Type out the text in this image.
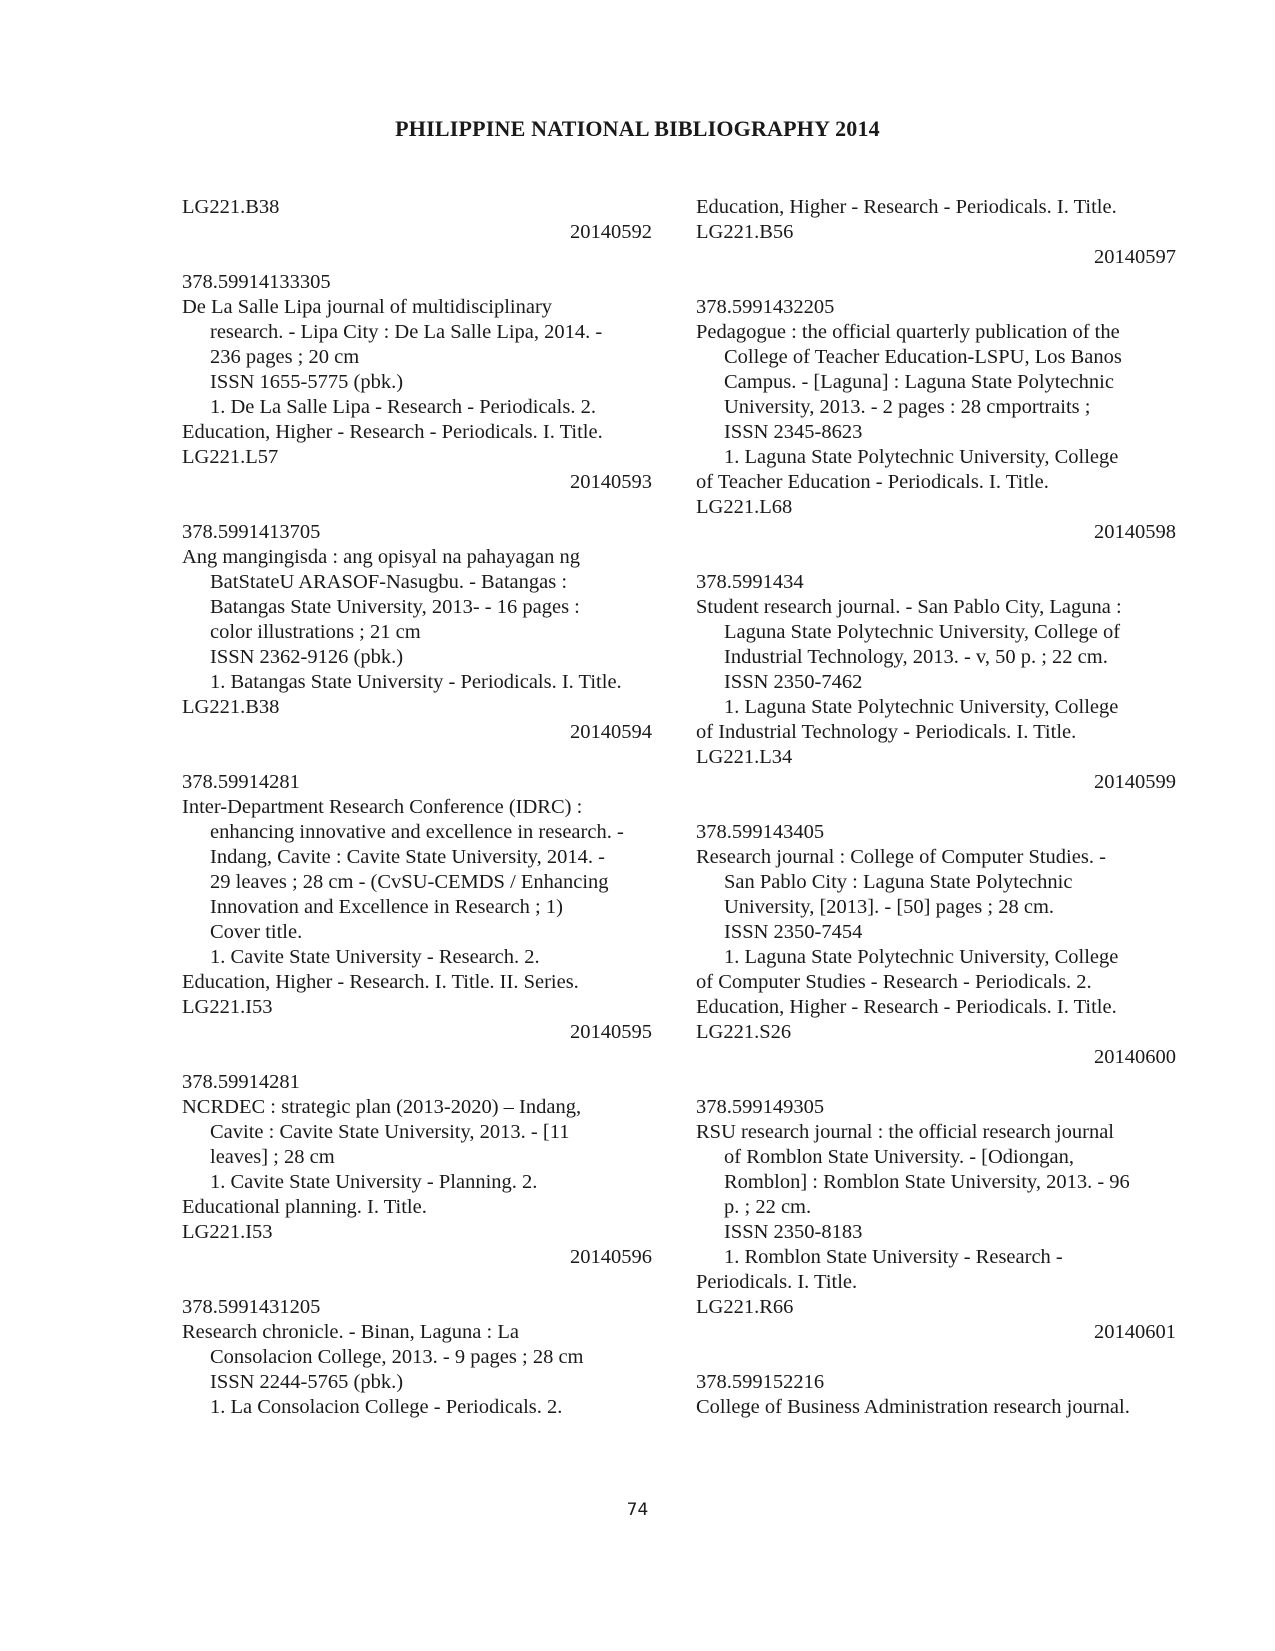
PHILIPPINE NATIONAL BIBLIOGRAPHY 2014
LG221.B38
20140592
378.59914133305
De La Salle Lipa journal of multidisciplinary
research. - Lipa City : De La Salle Lipa, 2014. -
236 pages ; 20 cm
ISSN 1655-5775 (pbk.)
1. De La Salle Lipa - Research - Periodicals. 2.
Education, Higher - Research - Periodicals. I. Title.
LG221.L57
20140593
378.5991413705
Ang mangingisda : ang opisyal na pahayagan ng
BatStateU ARASOF-Nasugbu. - Batangas :
Batangas State University, 2013- - 16 pages :
color illustrations ; 21 cm
ISSN 2362-9126 (pbk.)
1. Batangas State University - Periodicals. I. Title.
LG221.B38
20140594
378.59914281
Inter-Department Research Conference (IDRC) :
enhancing innovative and excellence in research. -
Indang, Cavite : Cavite State University, 2014. -
29 leaves ; 28 cm - (CvSU-CEMDS / Enhancing
Innovation and Excellence in Research ; 1)
Cover title.
1. Cavite State University - Research. 2.
Education, Higher - Research. I. Title. II. Series.
LG221.I53
20140595
378.59914281
NCRDEC : strategic plan (2013-2020) – Indang,
Cavite : Cavite State University, 2013. - [11
leaves] ; 28 cm
1. Cavite State University - Planning. 2.
Educational planning. I. Title.
LG221.I53
20140596
378.5991431205
Research chronicle. - Binan, Laguna : La
Consolacion College, 2013. - 9 pages ; 28 cm
ISSN 2244-5765 (pbk.)
1. La Consolacion College - Periodicals. 2.
Education, Higher - Research - Periodicals. I. Title.
LG221.B56
20140597
378.5991432205
Pedagogue : the official quarterly publication of the
College of Teacher Education-LSPU, Los Banos
Campus. - [Laguna] : Laguna State Polytechnic
University, 2013. - 2 pages : 28 cmportraits ;
ISSN 2345-8623
1. Laguna State Polytechnic University, College
of Teacher Education - Periodicals. I. Title.
LG221.L68
20140598
378.5991434
Student research journal. - San Pablo City, Laguna :
Laguna State Polytechnic University, College of
Industrial Technology, 2013. - v, 50 p. ; 22 cm.
ISSN 2350-7462
1. Laguna State Polytechnic University, College
of Industrial Technology - Periodicals. I. Title.
LG221.L34
20140599
378.599143405
Research journal : College of Computer Studies. -
San Pablo City : Laguna State Polytechnic
University, [2013]. - [50] pages ; 28 cm.
ISSN 2350-7454
1. Laguna State Polytechnic University, College
of Computer Studies - Research - Periodicals. 2.
Education, Higher - Research - Periodicals. I. Title.
LG221.S26
20140600
378.599149305
RSU research journal : the official research journal
of Romblon State University. - [Odiongan,
Romblon] : Romblon State University, 2013. - 96
p. ; 22 cm.
ISSN 2350-8183
1. Romblon State University - Research -
Periodicals. I. Title.
LG221.R66
20140601
378.599152216
College of Business Administration research journal.
74
